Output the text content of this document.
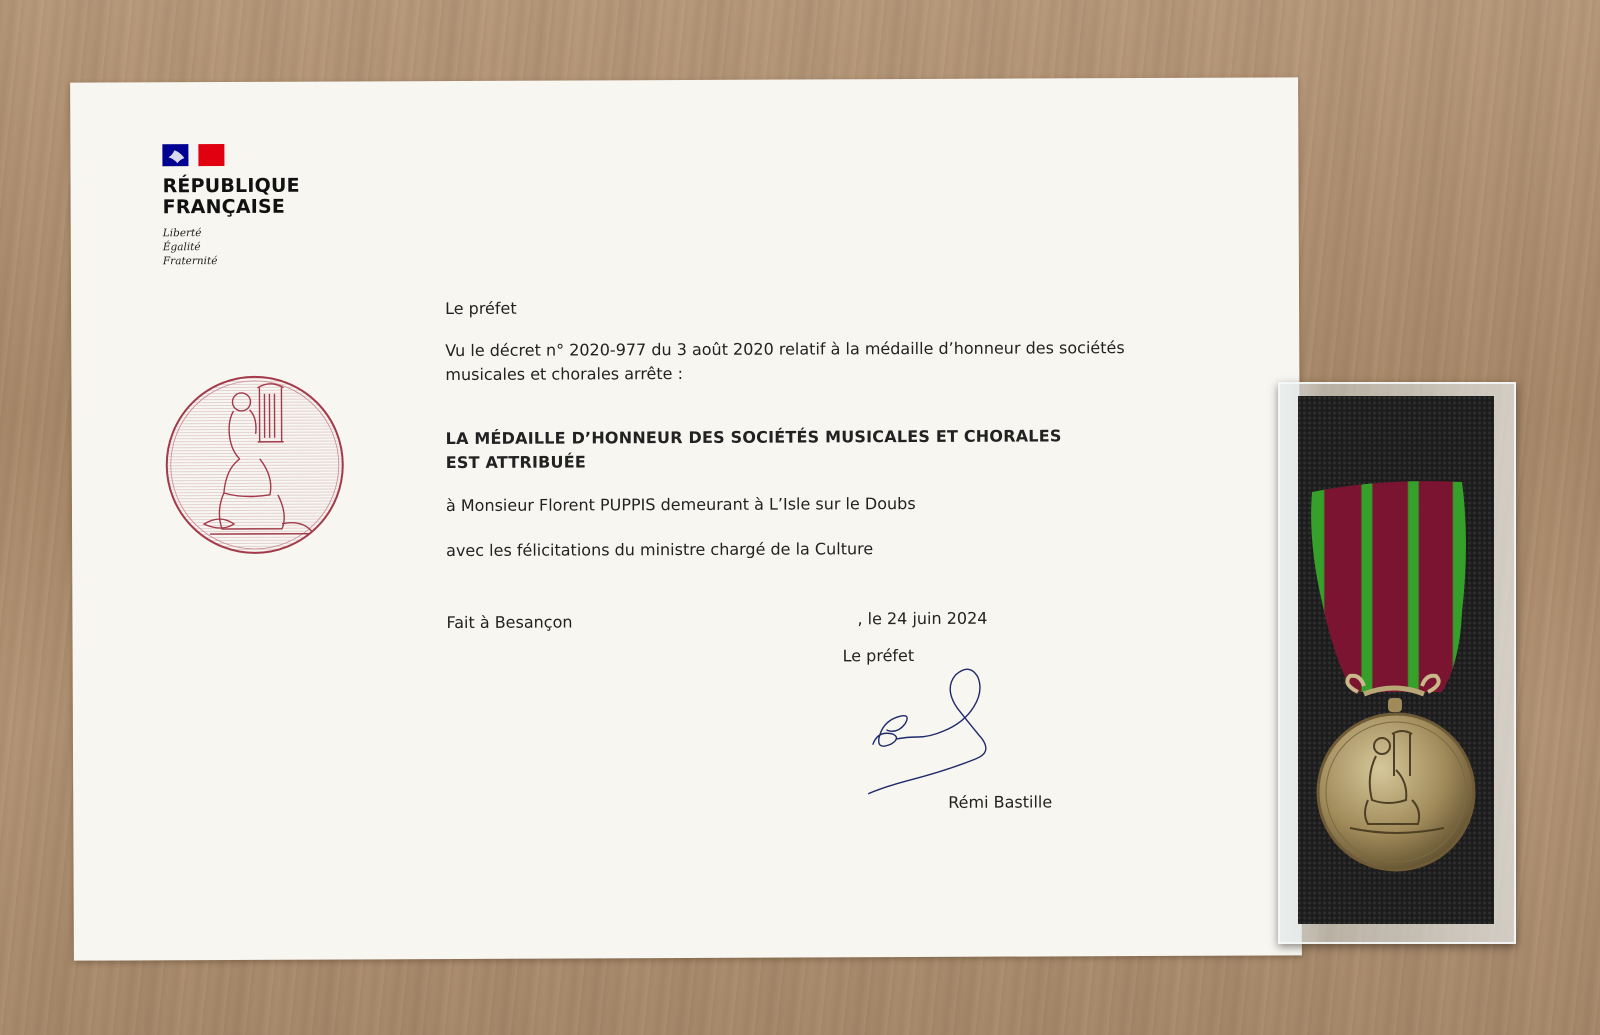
RÉPUBLIQUE
FRANÇAISE
Liberté
Égalité
Fraternité
Le préfet
Vu le décret n° 2020-977 du 3 août 2020 relatif à la médaille d’honneur des sociétés
musicales et chorales arrête :
LA MÉDAILLE D’HONNEUR DES SOCIÉTÉS MUSICALES ET CHORALES
EST ATTRIBUÉE
à Monsieur Florent PUPPIS demeurant à L’Isle sur le Doubs
avec les félicitations du ministre chargé de la Culture
Fait à Besançon	, le 24 juin 2024
Le préfet
Rémi Bastille
